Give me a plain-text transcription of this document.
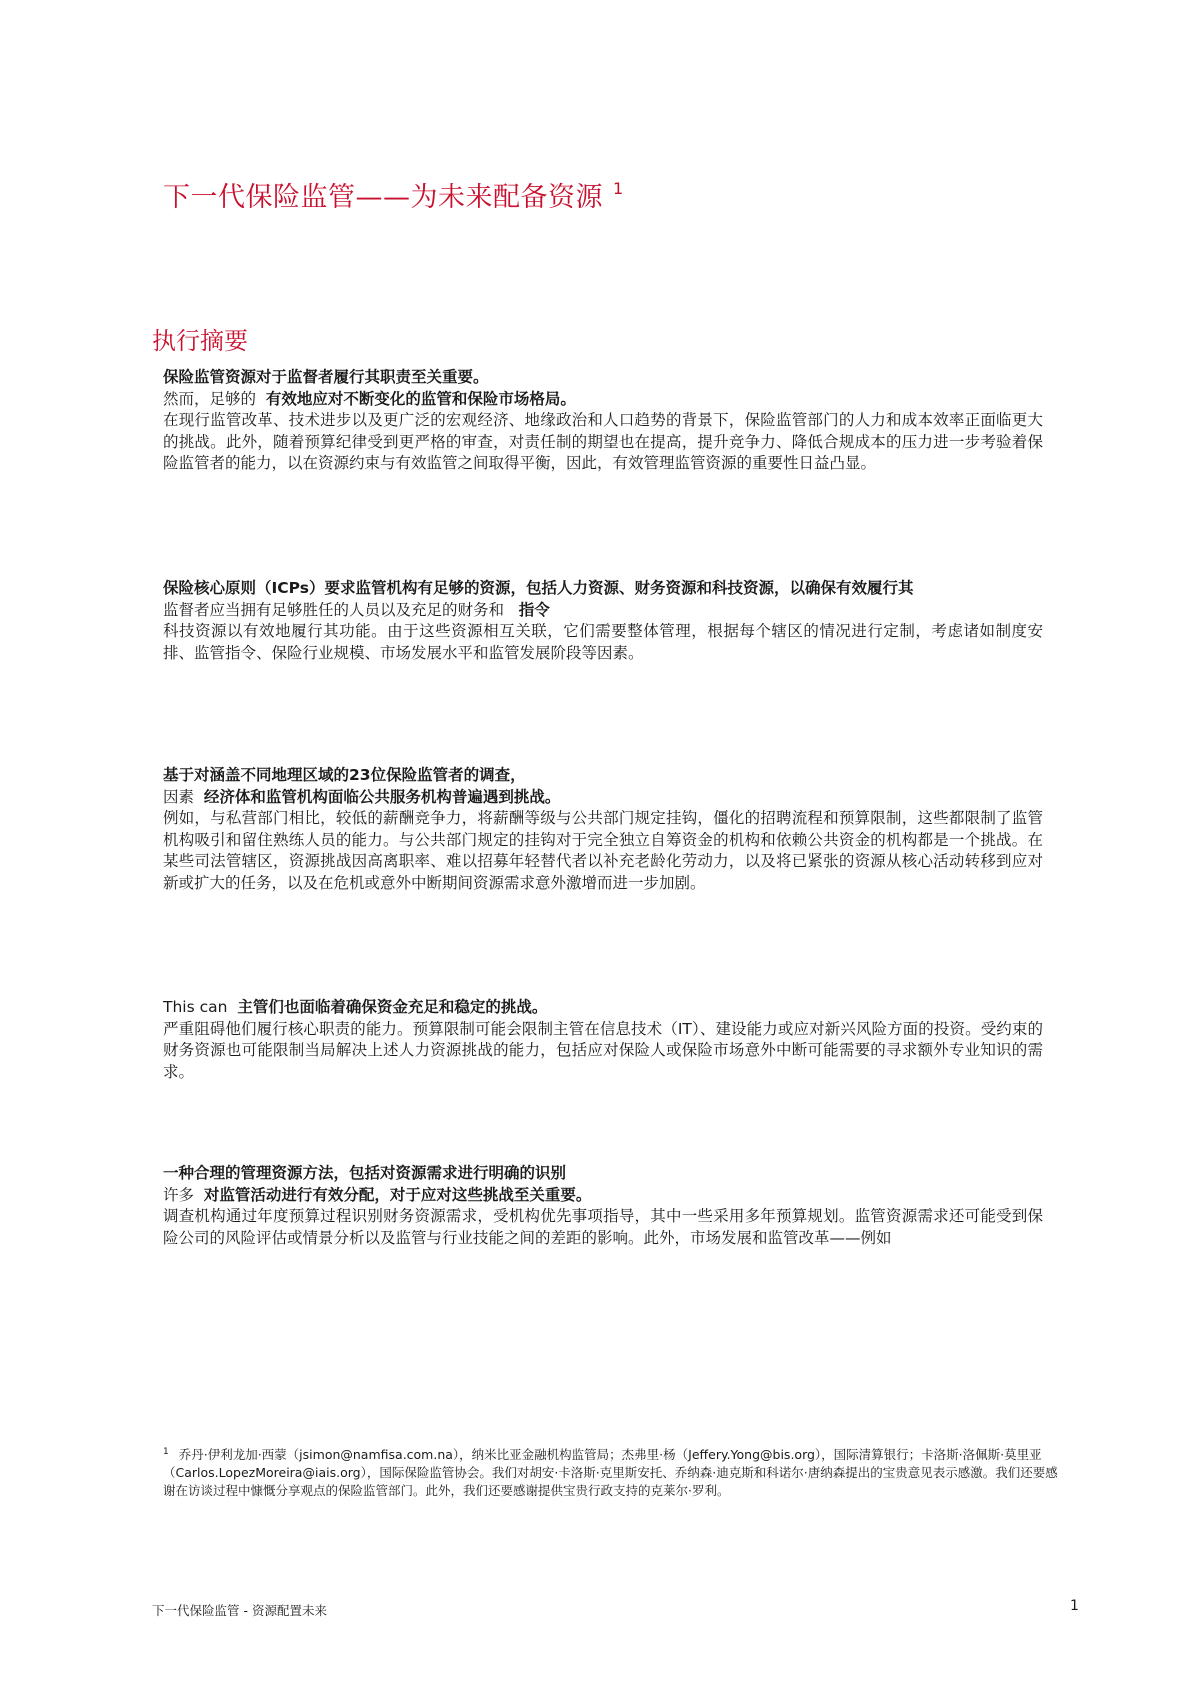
下一代保险监管——为未来配备资源 $^1$
执行摘要
保险监管资源对于监督者履行其职责至关重要。
然而，足够的 有效地应对不断变化的监管和保险市场格局。
在现行监管改革、技术进步以及更广泛的宏观经济、地缘政治和人口趋势的背景下，保险监管部门的人力和成本效率正面临更大的挑战。此外，随着预算纪律受到更严格的审查，对责任制的期望也在提高，提升竞争力、降低合规成本的压力进一步考验着保险监管者的能力，以在资源约束与有效监管之间取得平衡，因此，有效管理监管资源的重要性日益凸显。
保险核心原则（ICPs）要求监管机构有足够的资源，包括人力资源、财务资源和科技资源，以确保有效履行其
监督者应当拥有足够胜任的人员以及充足的财务和 指令
科技资源以有效地履行其功能。由于这些资源相互关联，它们需要整体管理，根据每个辖区的情况进行定制，考虑诸如制度安排、监管指令、保险行业规模、市场发展水平和监管发展阶段等因素。
基于对涵盖不同地理区域的23位保险监管者的调查，
因素 经济体和监管机构面临公共服务机构普遍遇到挑战。
例如，与私营部门相比，较低的薪酬竞争力，将薪酬等级与公共部门规定挂钩，僵化的招聘流程和预算限制，这些都限制了监管机构吸引和留住熟练人员的能力。与公共部门规定的挂钩对于完全独立自筹资金的机构和依赖公共资金的机构都是一个挑战。在某些司法管辖区，资源挑战因高离职率、难以招募年轻替代者以补充老龄化劳动力，以及将已紧张的资源从核心活动转移到应对新或扩大的任务，以及在危机或意外中断期间资源需求意外激增而进一步加剧。
This can 主管们也面临着确保资金充足和稳定的挑战。
严重阻碍他们履行核心职责的能力。预算限制可能会限制主管在信息技术（IT）、建设能力或应对新兴风险方面的投资。受约束的财务资源也可能限制当局解决上述人力资源挑战的能力，包括应对保险人或保险市场意外中断可能需要的寻求额外专业知识的需求。
一种合理的管理资源方法，包括对资源需求进行明确的识别
许多 对监管活动进行有效分配，对于应对这些挑战至关重要。
调查机构通过年度预算过程识别财务资源需求，受机构优先事项指导，其中一些采用多年预算规划。监管资源需求还可能受到保险公司的风险评估或情景分析以及监管与行业技能之间的差距的影响。此外，市场发展和监管改革——例如
$^1$ 乔丹·伊利龙加·西蒙（jsimon@namfisa.com.na），纳米比亚金融机构监管局；杰弗里·杨（Jeffery.Yong@bis.org），国际清算银行；卡洛斯·洛佩斯·莫里亚（Carlos.LopezMoreira@iais.org），国际保险监管协会。我们对胡安·卡洛斯·克里斯安托、乔纳森·迪克斯和科诺尔·唐纳森提出的宝贵意见表示感激。我们还要感谢在访谈过程中慷慨分享观点的保险监管部门。此外，我们还要感谢提供宝贵行政支持的克莱尔·罗利。
下一代保险监管 - 资源配置未来	1
